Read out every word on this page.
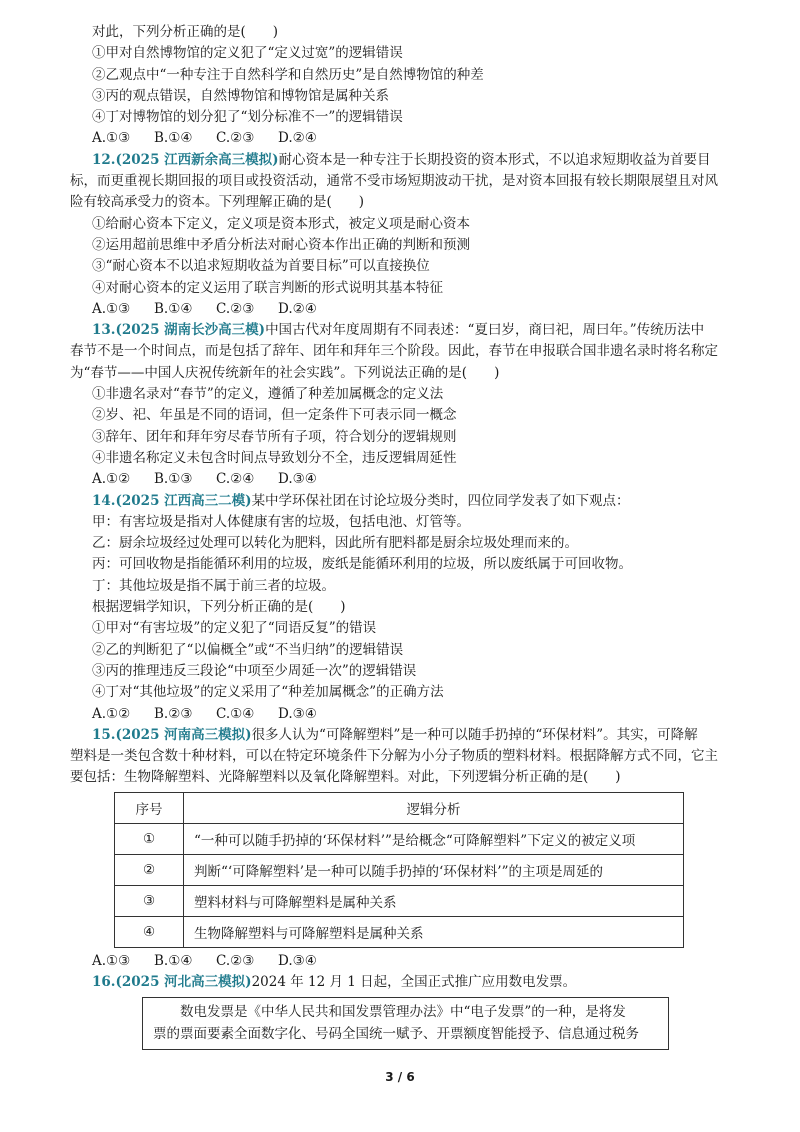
对此，下列分析正确的是(　　)
①甲对自然博物馆的定义犯了“定义过宽”的逻辑错误
②乙观点中“一种专注于自然科学和自然历史”是自然博物馆的种差
③丙的观点错误，自然博物馆和博物馆是属种关系
④丁对博物馆的划分犯了“划分标准不一”的逻辑错误
A.①③ B.①④ C.②③ D.②④
12.(2025 江西新余高三模拟)耐心资本是一种专注于长期投资的资本形式，不以追求短期收益为首要目
标，而更重视长期回报的项目或投资活动，通常不受市场短期波动干扰，是对资本回报有较长期限展望且对风
险有较高承受力的资本。下列理解正确的是(　　)
①给耐心资本下定义，定义项是资本形式，被定义项是耐心资本
②运用超前思维中矛盾分析法对耐心资本作出正确的判断和预测
③“耐心资本不以追求短期收益为首要目标”可以直接换位
④对耐心资本的定义运用了联言判断的形式说明其基本特征
A.①③ B.①④ C.②③ D.②④
13.(2025 湖南长沙高三模)中国古代对年度周期有不同表述：“夏曰岁，商曰祀，周曰年。”传统历法中
春节不是一个时间点，而是包括了辞年、团年和拜年三个阶段。因此，春节在申报联合国非遗名录时将名称定
为“春节——中国人庆祝传统新年的社会实践”。下列说法正确的是(　　)
①非遗名录对“春节”的定义，遵循了种差加属概念的定义法
②岁、祀、年虽是不同的语词，但一定条件下可表示同一概念
③辞年、团年和拜年穷尽春节所有子项，符合划分的逻辑规则
④非遗名称定义未包含时间点导致划分不全，违反逻辑周延性
A.①② B.①③ C.②④ D.③④
14.(2025 江西高三二模)某中学环保社团在讨论垃圾分类时，四位同学发表了如下观点：
甲：有害垃圾是指对人体健康有害的垃圾，包括电池、灯管等。
乙：厨余垃圾经过处理可以转化为肥料，因此所有肥料都是厨余垃圾处理而来的。
丙：可回收物是指能循环利用的垃圾，废纸是能循环利用的垃圾，所以废纸属于可回收物。
丁：其他垃圾是指不属于前三者的垃圾。
根据逻辑学知识，下列分析正确的是(　　)
①甲对“有害垃圾”的定义犯了“同语反复”的错误
②乙的判断犯了“以偏概全”或“不当归纳”的逻辑错误
③丙的推理违反三段论“中项至少周延一次”的逻辑错误
④丁对“其他垃圾”的定义采用了“种差加属概念”的正确方法
A.①② B.②③ C.①④ D.③④
15.(2025 河南高三模拟)很多人认为“可降解塑料”是一种可以随手扔掉的“环保材料”。其实，可降解
塑料是一类包含数十种材料，可以在特定环境条件下分解为小分子物质的塑料材料。根据降解方式不同，它主
要包括：生物降解塑料、光降解塑料以及氧化降解塑料。对此，下列逻辑分析正确的是(　　)
序号	逻辑分析
①	“一种可以随手扔掉的‘环保材料’”是给概念“可降解塑料”下定义的被定义项
②	判断“‘可降解塑料’是一种可以随手扔掉的‘环保材料’”的主项是周延的
③	塑料材料与可降解塑料是属种关系
④	生物降解塑料与可降解塑料是属种关系
A.①③ B.①④ C.②③ D.③④
16.(2025 河北高三模拟)2024 年 12 月 1 日起，全国正式推广应用数电发票。
数电发票是《中华人民共和国发票管理办法》中“电子发票”的一种，是将发
票的票面要素全面数字化、号码全国统一赋予、开票额度智能授予、信息通过税务
3 / 6
